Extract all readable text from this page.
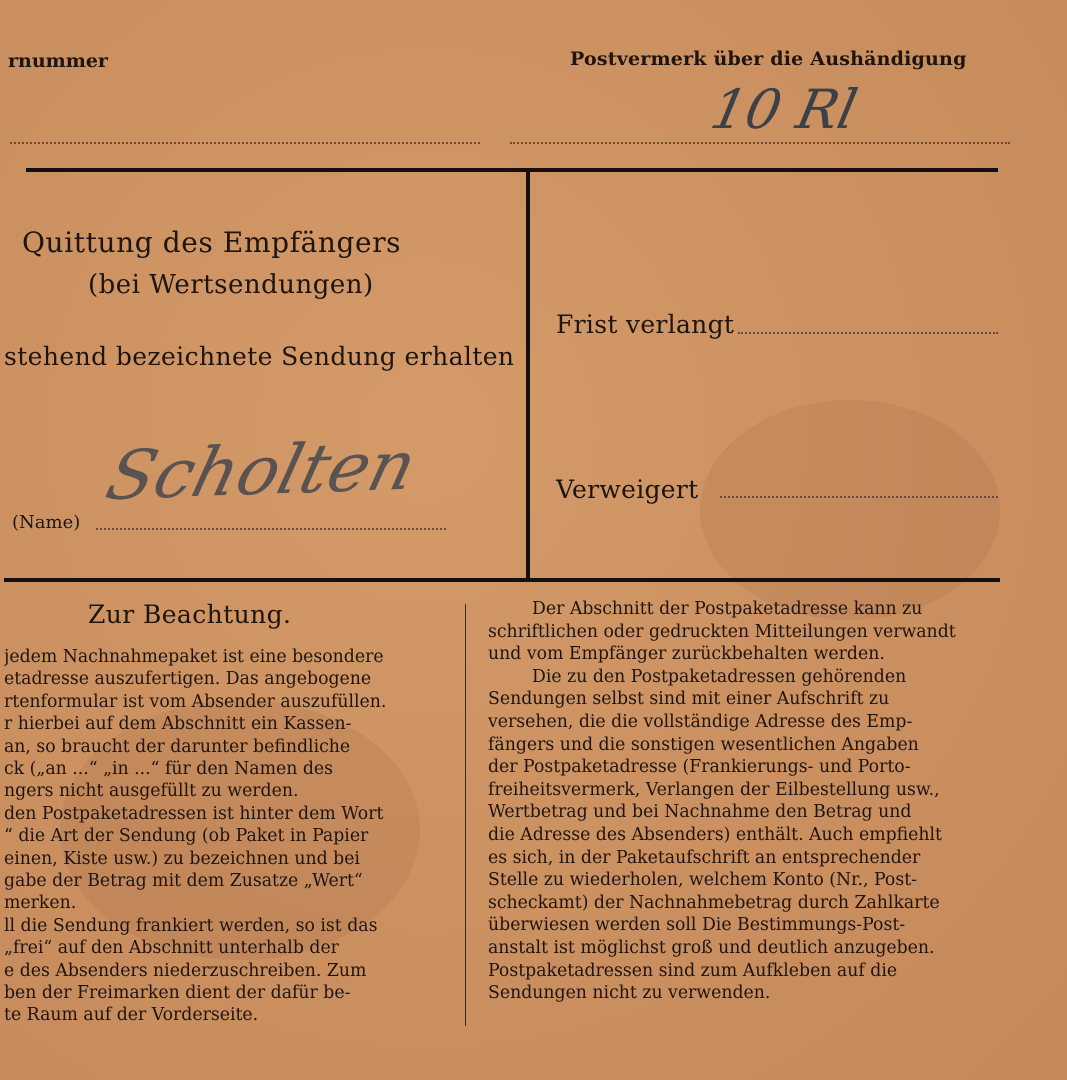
rnummer	Postvermerk über die Aushändigung
10 Rl
Quittung des Empfängers
(bei Wertsendungen)
stehend bezeichnete Sendung erhalten
Scholten
(Name)
Frist verlangt
Verweigert
Zur Beachtung.
jedem Nachnahmepaket ist eine besondere
etadresse auszufertigen. Das angebogene
rtenformular ist vom Absender auszufüllen.
r hierbei auf dem Abschnitt ein Kassen-
an, so braucht der darunter befindliche
ck („an ...“ „in ...“ für den Namen des
ngers nicht ausgefüllt zu werden.
den Postpaketadressen ist hinter dem Wort
“ die Art der Sendung (ob Paket in Papier
einen, Kiste usw.) zu bezeichnen und bei
gabe der Betrag mit dem Zusatze „Wert“
merken.
ll die Sendung frankiert werden, so ist das
„frei“ auf den Abschnitt unterhalb der
e des Absenders niederzuschreiben. Zum
ben der Freimarken dient der dafür be-
te Raum auf der Vorderseite.
Der Abschnitt der Postpaketadresse kann zu
schriftlichen oder gedruckten Mitteilungen verwandt
und vom Empfänger zurückbehalten werden.
Die zu den Postpaketadressen gehörenden
Sendungen selbst sind mit einer Aufschrift zu
versehen, die die vollständige Adresse des Emp-
fängers und die sonstigen wesentlichen Angaben
der Postpaketadresse (Frankierungs- und Porto-
freiheitsvermerk, Verlangen der Eilbestellung usw.,
Wertbetrag und bei Nachnahme den Betrag und
die Adresse des Absenders) enthält. Auch empfiehlt
es sich, in der Paketaufschrift an entsprechender
Stelle zu wiederholen, welchem Konto (Nr., Post-
scheckamt) der Nachnahmebetrag durch Zahlkarte
überwiesen werden soll Die Bestimmungs-Post-
anstalt ist möglichst groß und deutlich anzugeben.
Postpaketadressen sind zum Aufkleben auf die
Sendungen nicht zu verwenden.
